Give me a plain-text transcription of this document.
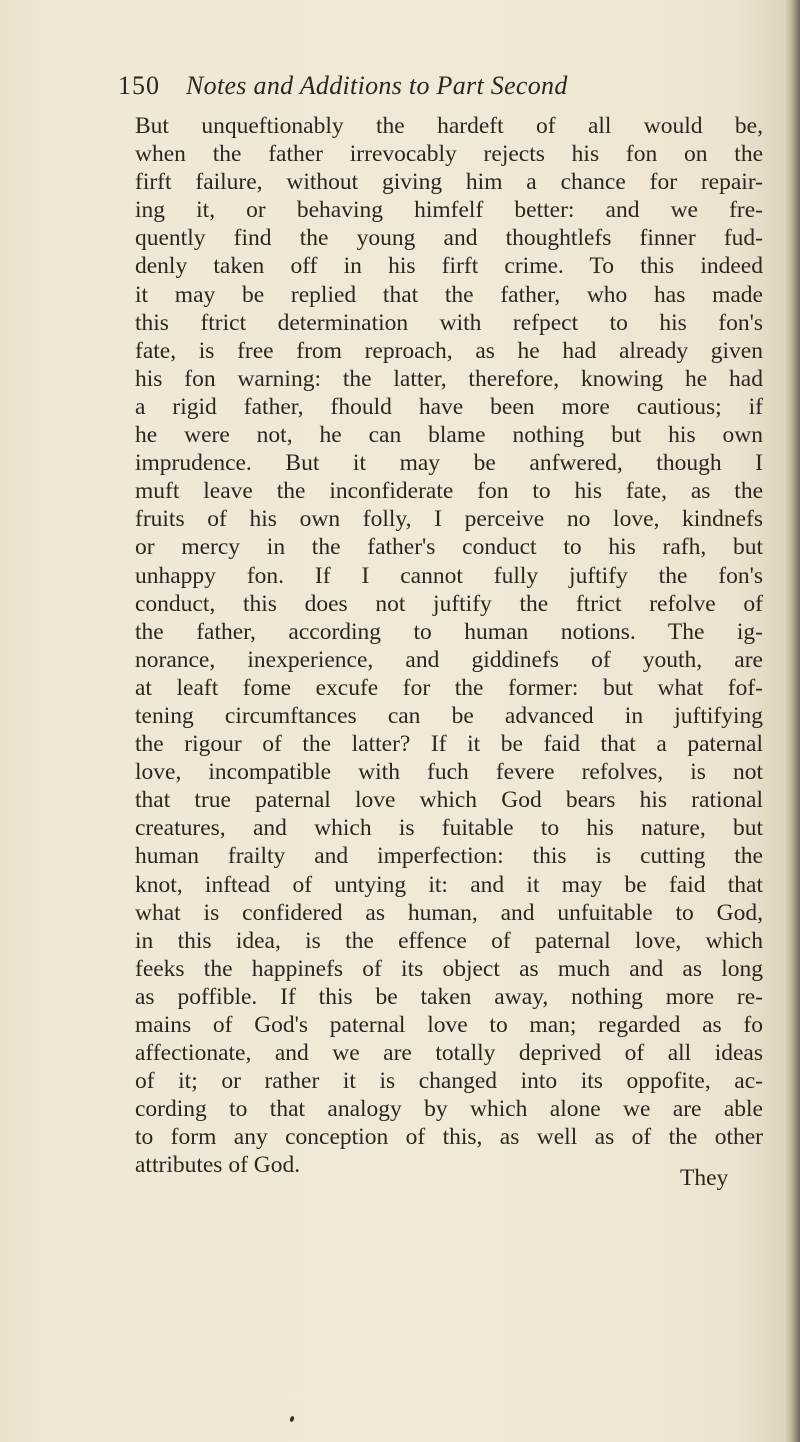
150 Notes and Additions to Part Second
But unqueftionably the hardeft of all would be,
when the father irrevocably rejects his fon on the
firft failure, without giving him a chance for repair-
ing it, or behaving himfelf better: and we fre-
quently find the young and thoughtlefs finner fud-
denly taken off in his firft crime. To this indeed
it may be replied that the father, who has made
this ftrict determination with refpect to his fon's
fate, is free from reproach, as he had already given
his fon warning: the latter, therefore, knowing he had
a rigid father, fhould have been more cautious; if
he were not, he can blame nothing but his own
imprudence. But it may be anfwered, though I
muft leave the inconfiderate fon to his fate, as the
fruits of his own folly, I perceive no love, kindnefs
or mercy in the father's conduct to his rafh, but
unhappy fon. If I cannot fully juftify the fon's
conduct, this does not juftify the ftrict refolve of
the father, according to human notions. The ig-
norance, inexperience, and giddinefs of youth, are
at leaft fome excufe for the former: but what fof-
tening circumftances can be advanced in juftifying
the rigour of the latter? If it be faid that a paternal
love, incompatible with fuch fevere refolves, is not
that true paternal love which God bears his rational
creatures, and which is fuitable to his nature, but
human frailty and imperfection: this is cutting the
knot, inftead of untying it: and it may be faid that
what is confidered as human, and unfuitable to God,
in this idea, is the effence of paternal love, which
feeks the happinefs of its object as much and as long
as poffible. If this be taken away, nothing more re-
mains of God's paternal love to man; regarded as fo
affectionate, and we are totally deprived of all ideas
of it; or rather it is changed into its oppofite, ac-
cording to that analogy by which alone we are able
to form any conception of this, as well as of the other
attributes of God.	They
